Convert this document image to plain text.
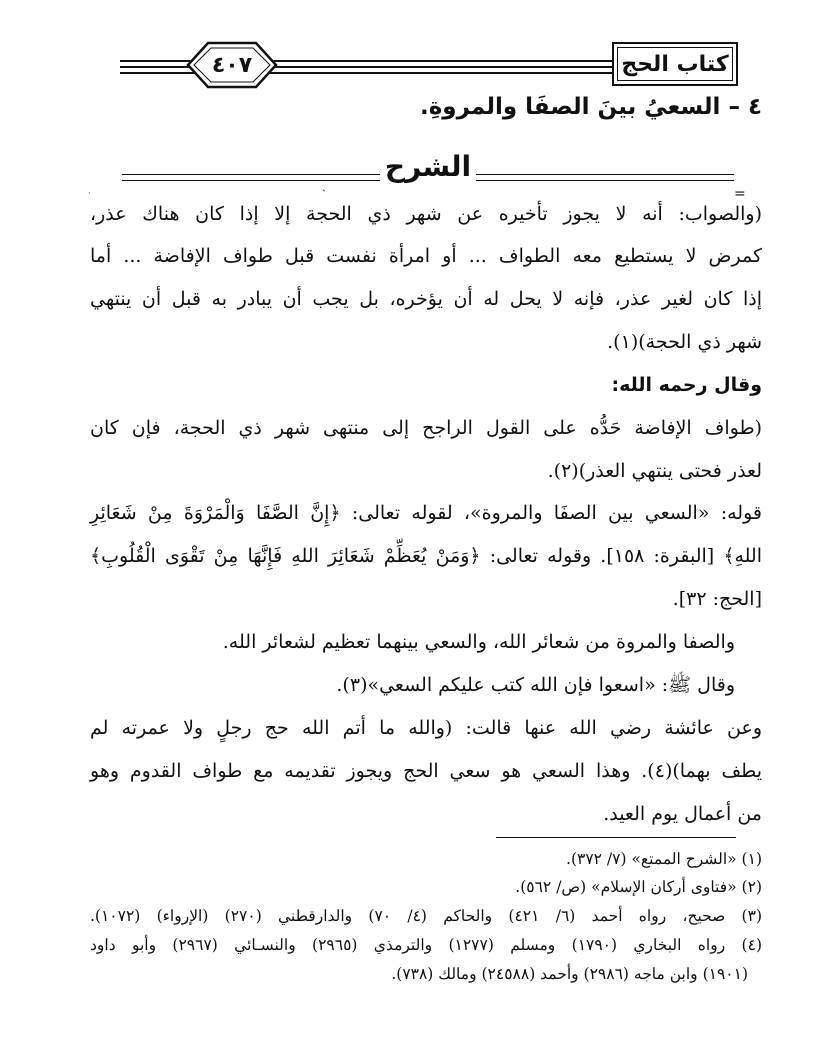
٤٠٧	كتاب الحج
٤ – السعيُ بينَ الصفَا والمروةِ.
الشرح
=
ˏ
·
(والصواب: أنه لا يجوز تأخيره عن شهر ذي الحجة إلا إذا كان هناك عذر،
كمرض لا يستطيع معه الطواف ... أو امرأة نفست قبل طواف الإفاضة ... أما
إذا كان لغير عذر، فإنه لا يحل له أن يؤخره، بل يجب أن يبادر به قبل أن ينتهي
شهر ذي الحجة)(١).
وقال رحمه الله:
(طواف الإفاضة حَدُّه على القول الراجح إلى منتهى شهر ذي الحجة، فإن كان
لعذر فحتى ينتهي العذر)(٢).
قوله: «السعي بين الصفَا والمروة»، لقوله تعالى: ﴿إِنَّ الصَّفَا وَالْمَرْوَةَ مِنْ شَعَائِرِ
اللهِ﴾ [البقرة: ١٥٨]. وقوله تعالى: ﴿وَمَنْ يُعَظِّمْ شَعَائِرَ اللهِ فَإِنَّهَا مِنْ تَقْوَى الْقُلُوبِ﴾
[الحج: ٣٢].
والصفا والمروة من شعائر الله، والسعي بينهما تعظيم لشعائر الله.
وقال ﷺ: «اسعوا فإن الله كتب عليكم السعي»(٣).
وعن عائشة رضي الله عنها قالت: (والله ما أتم الله حج رجلٍ ولا عمرته لم
يطف بهما)(٤). وهذا السعي هو سعي الحج ويجوز تقديمه مع طواف القدوم وهو
من أعمال يوم العيد.
(١) «الشرح الممتع» (٧/ ٣٧٢).
(٢) «فتاوى أركان الإسلام» (ص/ ٥٦٢).
(٣) صحيح، رواه أحمد (٦/ ٤٢١) والحاكم (٤/ ٧٠) والدارقطني (٢٧٠) (الإرواء) (١٠٧٢).
(٤) رواه البخاري (١٧٩٠) ومسلم (١٢٧٧) والترمذي (٢٩٦٥) والنسـائي (٢٩٦٧) وأبو داود
(١٩٠١) وابن ماجه (٢٩٨٦) وأحمد (٢٤٥٨٨) ومالك (٧٣٨).
